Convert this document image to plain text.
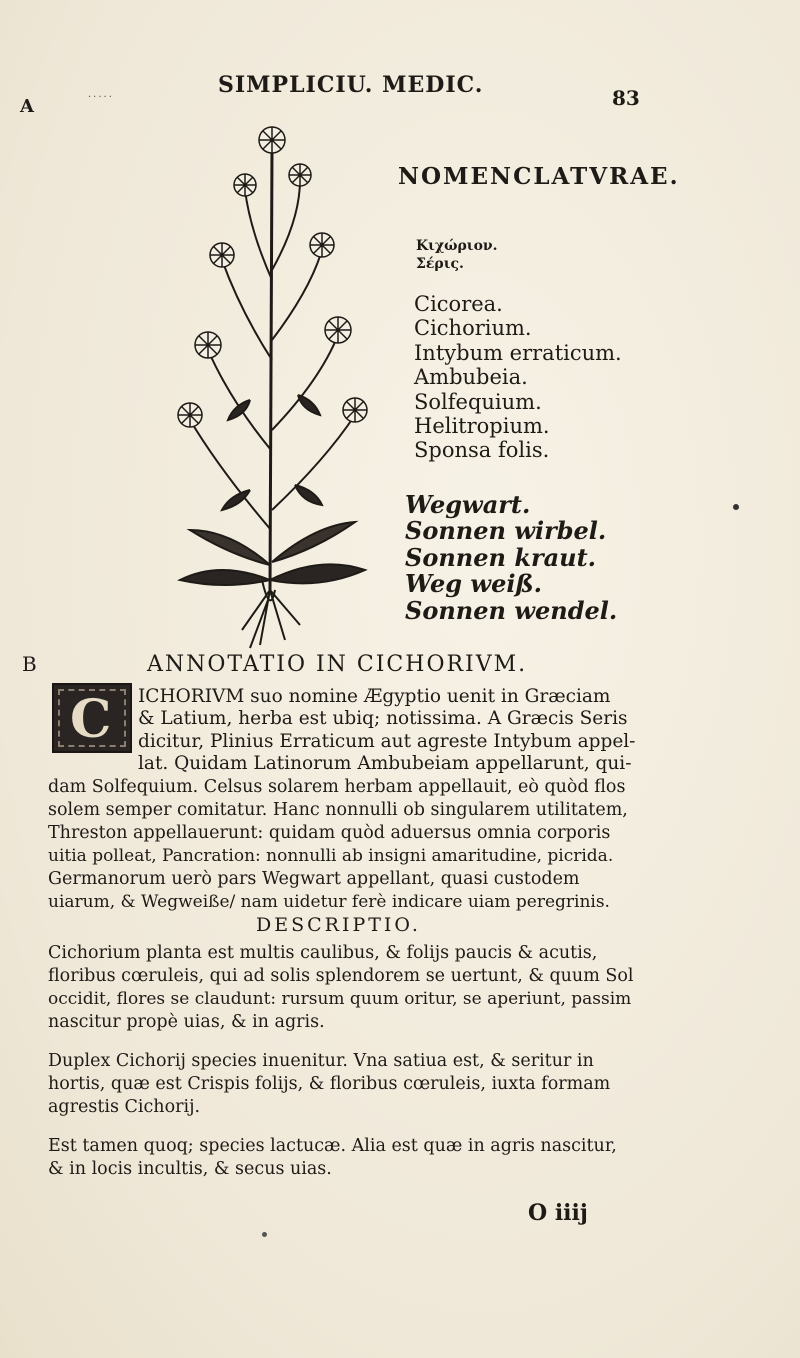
·····
A
SIMPLICIU. MEDIC.	83
NOMENCLATVRAE.
Κιχώριον.
Σέρις.
Cicorea.
Cichorium.
Intybum erraticum.
Ambubeia.
Solfequium.
Helitropium.
Sponsa folis.
Wegwart.
Sonnen wirbel.
Sonnen kraut.
Weg weiß.
Sonnen wendel.
B	ANNOTATIO IN CICHORIVM.
C ICHORIVM suo nomine Ægyptio uenit in Græciam
& Latium, herba est ubiq; notissima. A Græcis Seris
dicitur, Plinius Erraticum aut agreste Intybum appel-
lat. Quidam Latinorum Ambubeiam appellarunt, qui-
dam Solfequium. Celsus solarem herbam appellauit, eò quòd flos
solem semper comitatur. Hanc nonnulli ob singularem utilitatem,
Threston appellauerunt: quidam quòd aduersus omnia corporis
uitia polleat, Pancration: nonnulli ab insigni amaritudine, picrida.
Germanorum uerò pars Wegwart appellant, quasi custodem
uiarum, & Wegweiße/ nam uidetur ferè indicare uiam peregrinis.
DESCRIPTIO.
Cichorium planta est multis caulibus, & folijs paucis & acutis,
floribus cœruleis, qui ad solis splendorem se uertunt, & quum Sol
occidit, flores se claudunt: rursum quum oritur, se aperiunt, passim
nascitur propè uias, & in agris.
Duplex Cichorij species inuenitur. Vna satiua est, & seritur in
hortis, quæ est Crispis folijs, & floribus cœruleis, iuxta formam
agrestis Cichorij.
Est tamen quoq; species lactucæ. Alia est quæ in agris nascitur,
& in locis incultis, & secus uias.
O iiij
